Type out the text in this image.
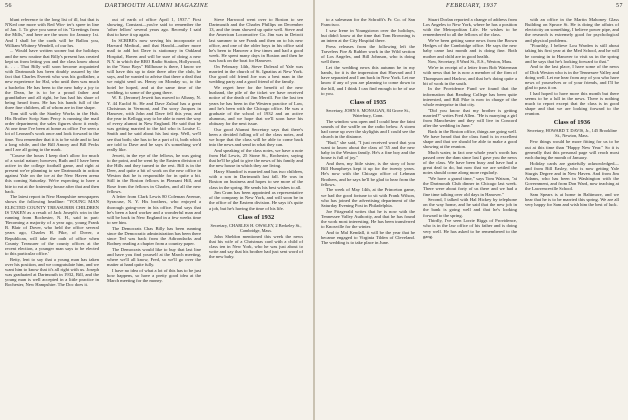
56	DARTMOUTH ALUMNI MAGAZINE

blunt reference to the long list of ill, but that is N'Ked one more with Red Win- ter's spree in line of Jan. 1. To give you some of its "Greetings from the Mills," and here are the snow for January 1st. And I shall be the cards will be Ballou you, William Whitney Wendell, of our hrs.

... Would have written sooner but the holidays and the new routine that Billy's present has created kept us from letting you and the class know about it. . . . That Billy will soon become acquainted with Dartmouth has been doubly assured by the fact that Charles Everett who was his godfather, a new experience for Hal, who until then was much a bachelor. He has been to the new baby a joy to the Dean, he is to be a proud father and grandfather and all right, he has had his share of being heard from. He has his hands full of the three fine children, all of whom are in fine shape.

Tom still with the Stanley Works in the Hub. His Brother Scrip Sam Percy is running the mail order department; the sales figures show it ready. At one time I've been at home as office I've seen a lot of Leonard's work once and look forward to the time. You remember that it is to be wide and to last a long while, and the Bill Amory and Bill Pecks and I are all going to the mark.

"Course the hours I keep don't allow for much of a social nature; however, Ruth and I have been active in the college football game, and right at present we're planning to see Dartmouth in action against Yale on the ice at the New Haven arena this coming Saturday. We're expecting to have a bite to eat at the fraternity house after that and then back.

The latest report in New Hampshire newspapers shows the following headline: "YOUNG MAN ELECTED COUNTY TREASURER CHILDREN IS TAKEN as a result of Jack Joseph's win in the running from Rochester, N. H., said in part: 'Becoming a majority of a year ago, young Frank B. Blair of Dover, who held the office several years ago, Charles H. Pike, of Dover, a Republican, will take the oath of office when County Treasurer of the county offices at the recent election, a younger man says to be elected to this particular office.'

Betty, lent to say that a young man has taken over his position, and we congratulate him, and we want him to know that it's all right with us. Joseph was graduated at Dartmouth in 1932, Bill, and the young man is well accepted in a little practice in Rochester, New Hampshire. The Doc does it.

out of earth of office April 1, 1937." First showing, Constant—you're said to remember the 'other fellow' several years ago. Recently I said that to have it up again.

In SCRIBE's now serving his incorporate of Harvard Medical, and that Harold—rather more mail to add hot Dave is stationary in Oakland Hospital, Haven and will be sure of doing a new N.Y. in which the RRO Radio Station, Hollywood, in the "Sour Boys" Hillhouse is there, I know we will have this up to date there after the club, he says, and he wanted to advise that there a deal that we might send us. Henry on Monday so, to the hotel he hoped, and at the same time of the wedding, to some of the gang there.

W. E. (Jerome) Jewett has moved to Albany, N. Y. 44 Euclid St. He and Dave Zulauf has a great Christmas in Vermont, and I'm sorry Jacques in Hanover, with John and Dave fell this year, and the year in Kellogg way to be able to meet the way of every alumni in New England. He said that he was getting married to the kid who is Louise C. Smith and he said about his last step. Well, we'll see that both; she has to be a part of it, both which are told to Dave and he says it's something we'd really like.

Jewett, in the eye of the fellows, he was going to the point, and he went by the Eastern division of the Hills and they turned to the rest. Bill is in the Deer, and quite a bit of work on the new office in Weston that he is responsible for in quite a bit. Still in the Boston fellows in Pleasant Hill, and Rose from the fellows in Charles, and all the new fellows.

A letter from Clark Lewis 80 Coleman Avenue, Syracuse, N. Y. His brothers, who enjoyed a thorough going-over in his office. Paul says that he's been a hard worker and a wonderful man and will be back in New England in a few weeks time to see him.

The Democrats Chas Billy has been running since the Democratic administration has been there since Ted was back from the Adirondacks and Rodney reading a chapter from a country paper.

The Democrats would like to buy that last line and have you find yourself at the March meeting, where we'll all know, Fred, so we'll go over the matter at hand quite fully.

I have no idea of what a lot of this has to be just how happens, so have a pretty good idea at the March meeting for the money.

Steve Harwood went over to Boston to see Dartmouth and the Charles Phillips on December 13, and the team showed up quite well. Steve and the American Locomotive Co. Jim was in Detroit last summer to see Frank and then on to his new office, and one of the older boys in his office said he's been to Hanover a few times and had a good week. He spent many days in Boston and then he was back on the boat for Hanover.

On February 14th, Steve Dolezal of Yale was married in the church of St. Ignatius at New York. Our good old friend Joe was a best man in the wedding party and a good friend of the family.

We regret here for the benefit of the new husband, the pile of the ticket we have received notice of the death of Jim Merrill. For the last ten years he has been in the Western practice of Law, and he's been with the Chicago office. He was a graduate of the school of 1932 and an active alumnus, and we hope that we'll soon have his obituary for the next issue.

Our good Alumni Secretary says that there's been a decided falling off of the class notes, and we hope that the class will be able to come back into the news and send in what they can.

And speaking of the class notes, we have a note from Hal Lewis, 25 Stone St., Rochester, saying that he'll be glad to give the news of his family and the new house in which they are living.

Harry Shandorf is married and has two children, with a son in Dartmouth last fall. He was in Boston on business and hopes to see more of the class in the spring. He sends his best wishes to all.

Jim Cram has been appointed as representative of the company in New York, and will soon be in the office of the Eastern division. He says it's quite a job, but he's having the time of his life.

Class of 1932

Secretary, CHARLES H. OWSLEY, 2 Berkeley St., Cambridge, Mass.

John Sheldon mentioned this week the news that his wife of a Christmas card with a child of class ten in New York, who he was just about to write and say that his brother had just sent word of the new baby.

FEBRUARY, 1937	57

to a salesman for the Schrafft's Fr. Co. of San Francisco.

I saw Irene in Youngstown over the holidays, but didn't know at the time that Tom Browning is an intern at the City Hospital there.

Press releases from the following left the Travelers Fire & Rubber work in the Wild section of Los Angeles, and Bill Johnson, who is doing well there.

Let the wedding news this autumn be in my hands, for it is the impression that Harvard and I have separated and I am back in New York. Let me know if any of you are planning to come down to the hill, and I think I can find enough to be of use to you.

Class of 1935

Secretary, JOHN S. MONAGAN, 84 Grove St., Waterbury, Conn.

The window was open and I could hear the faint sounds of the waffle on the radio below. A storm had come up over the skylights and I could see the church in the distance.

"Bud," she said, "I just received word that you want to know about the class of '35 and the new baby in the Weston family. He's a fine boy and the house is full of joy."

And then, my little sister, is the story of how Bill Humphreys kept it up for the twenty years. He's now with the Chicago office of Lehman Brothers, and he says he'll be glad to hear from the fellows.

The week of May 14th, at the Princeton game, we had the good fortune to sit with Frank Wilson, who has joined the advertising department of the Saturday Evening Post in Philadelphia.

Joe Fitzgerald writes that he is now with the Tennessee Valley Authority, and that he has found the work most interesting. He has been transferred to Knoxville for the winter.

And to Mal Kendall, it will be the year that he became engaged to Virginia Tilden of Cleveland. The wedding is to take place in June.

Stuart Dorlan reported a change of address from Los Angeles to New York, where he has a position with the Metropolitan Life. He wishes to be remembered to all the fellows of the class.

We've been getting some news from the Brown Hedges of the Cambridge office. He says the new baby came last month and is doing fine. Both mother and child are in good health.

Now, Secretary, 8 Ward St., E.S., Weston, Mass.

We're in receipt of a letter from Bob Waterman with news that he is now a member of the firm of Thompson and Harlow, and that he's doing quite a bit of work in the south.

In the Providence Fund we found that the information that Reading College has been quite interested, and Bill Pike is now in charge of the whole enterprise in that city.

"Did you know that my brother is getting married?" writes Fred Allen. "He is marrying a girl from Manchester and they will live in Concord after the wedding in June."

Back in the Boston office, things are going well. We have heard that the class fund is in excellent shape and that we should be able to make a good showing at the reunion.

Much water, in fact one whole year's worth has passed over the dam since last I gave you the news of the class. We have been busy and have had a great deal to do, but now that we are settled the notes should come along more regularly.

"We have a grand time," says Tom Watson, "at the Dartmouth Club dinner in Chicago last week. There were about forty of us there and we had a fine time talking over old days in Hanover."

Second, I talked with Hal Hickey by telephone on the way home, and he said that the new job in the bank is going well and that he's looking forward to the spring.

Thirdly, I've seen Lorrie Riggs of Providence, who is in the law office of his father and is doing very well. He has asked to be remembered to the gang.

with an office in the Martin Mahoney Glass Building on Spruce St. He is doing the affairs of electricity on something, I believe power pipe, and the research is extremely good for psychological and physical problems.

"Fourthly, I believe Lou Warden is still about taking his first year at the Med School, and he will be coming in to Hanover to visit us in the spring and he says that he's looking forward to that."

And to the last place, I have some of the news of Dick Weston who is in the Tennessee Valley and doing well. Let me hear from any of you who have news of yourselves or of your friends, and I'll be glad to pass it on.

I had hoped to have more this month but there seems to be a lull in the news. There is nothing much to report except that the class is in good shape and that we are looking forward to the reunion.

Class of 1936

Secretary, HOWARD T. DAVIS, Jr., 145 Brookline St., Newton, Mass.

Few things would be more fitting for us to be out at this time than "Happy New Year." So it is generally that this personal page will reach most each during the month of January.

Holiday cards are gratefully acknowledged—and from Bill Easley, who is now getting Yale Sturgis Degree and in New Haven. And from Jim Adams, who has been in Washington with the Government, and from Don Ward, now teaching at the Lawrenceville School.

Sam Spears is at home in Baltimore, and we hear that he is to be married this spring. We are all very happy for Sam and wish him the best of luck.
